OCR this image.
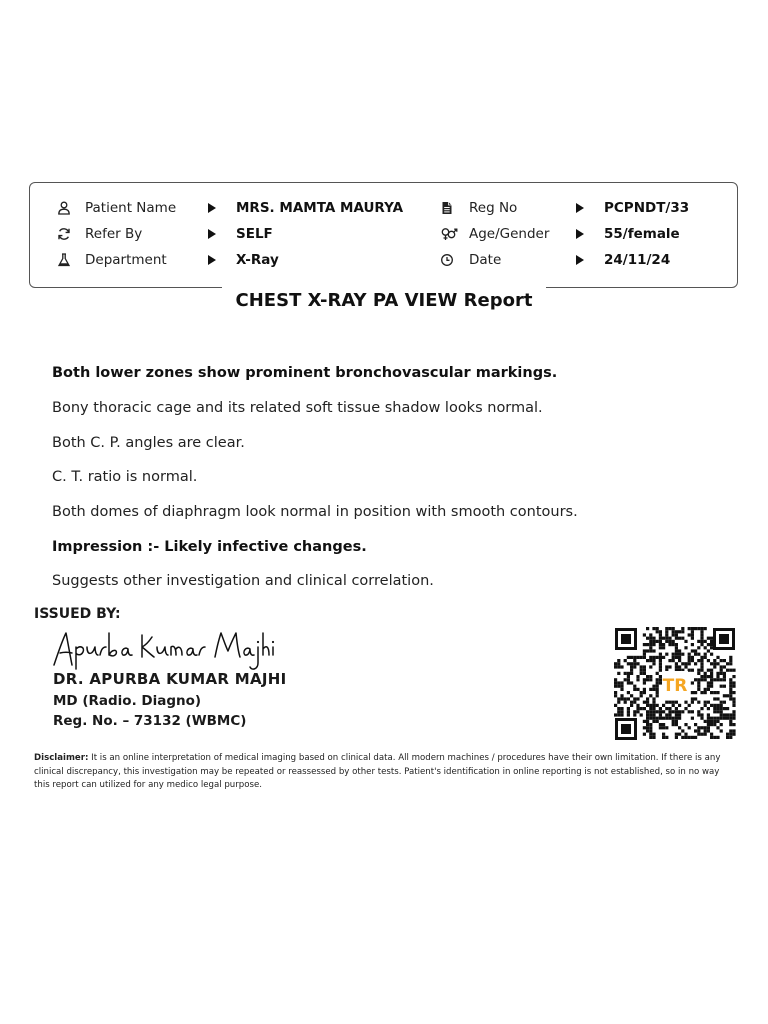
Patient Name	MRS. MAMTA MAURYA	Reg No	PCPNDT/33
Refer By	SELF	Age/Gender	55/female
Department	X-Ray	Date	24/11/24
CHEST X-RAY PA VIEW Report
Both lower zones show prominent bronchovascular markings.
Bony thoracic cage and its related soft tissue shadow looks normal.
Both C. P. angles are clear.
C. T. ratio is normal.
Both domes of diaphragm look normal in position with smooth contours.
Impression :- Likely infective changes.
Suggests other investigation and clinical correlation.
ISSUED BY:
DR. APURBA KUMAR MAJHI
MD (Radio. Diagno)
Reg. No. – 73132 (WBMC)
TR
Disclaimer: It is an online interpretation of medical imaging based on clinical data. All modern machines / procedures have their own limitation. If there is any clinical discrepancy, this investigation may be repeated or reassessed by other tests. Patient's identification in online reporting is not established, so in no way this report can utilized for any medico legal purpose.
